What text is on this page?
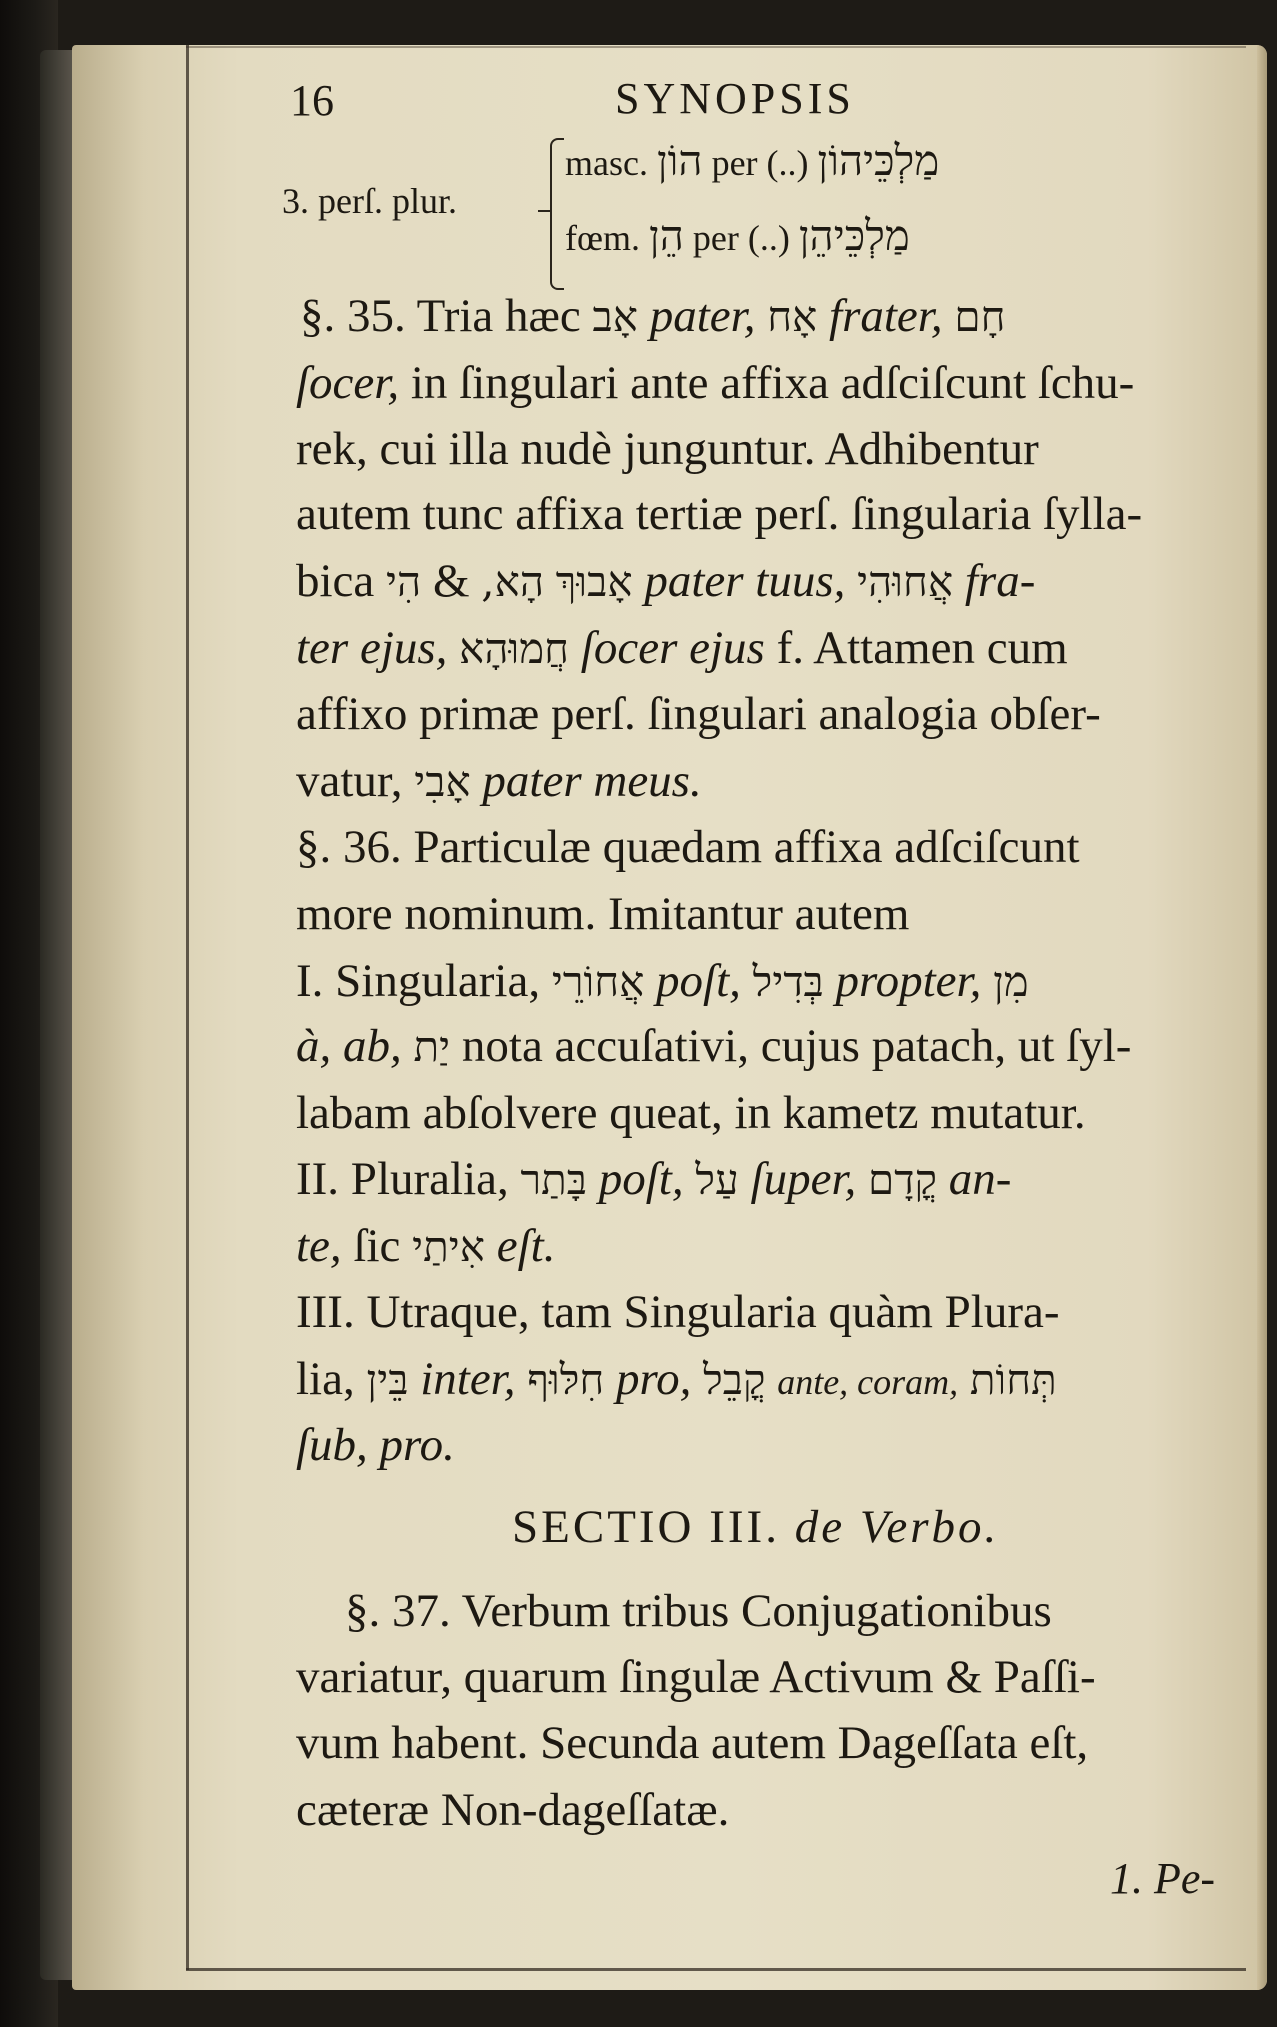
16	SYNOPSIS
3. perſ. plur.
masc. הוֹן per (..) מַלְכֵּיהוֹן
fœm. הֵן per (..) מַלְכֵּיהֵן
§. 35. Tria hæc אָב pater, אָח frater, חָם
ſocer, in ſingulari ante affixa adſciſcunt ſchu-
rek, cui illa nudè junguntur. Adhibentur
autem tunc affixa tertiæ perſ. ſingularia ſylla-
bica הִי & הָא, אָבוּךְ pater tuus, אֲחוּהִי fra-
ter ejus, חֲמוּהָא ſocer ejus f. Attamen cum
affixo primæ perſ. ſingulari analogia obſer-
vatur, אָבִי pater meus.
§. 36. Particulæ quædam affixa adſciſcunt
more nominum. Imitantur autem
I. Singularia, אֲחוֹרֵי poſt, בְּדִיל propter, מִן
à, ab, יַת nota accuſativi, cujus patach, ut ſyl-
labam abſolvere queat, in kametz mutatur.
II. Pluralia, בָּתַר poſt, עַל ſuper, קֳדָם an-
te, ſic אִיתַי eſt.
III. Utraque, tam Singularia quàm Plura-
lia, בֵּין inter, חִלּוּף pro, קֳבֵל ante, coram, תְּחוֹת
ſub, pro.
SECTIO III. de Verbo.
§. 37. Verbum tribus Conjugationibus
variatur, quarum ſingulæ Activum & Paſſi-
vum habent. Secunda autem Dageſſata eſt,
cæteræ Non-dageſſatæ.
1. Pe-
